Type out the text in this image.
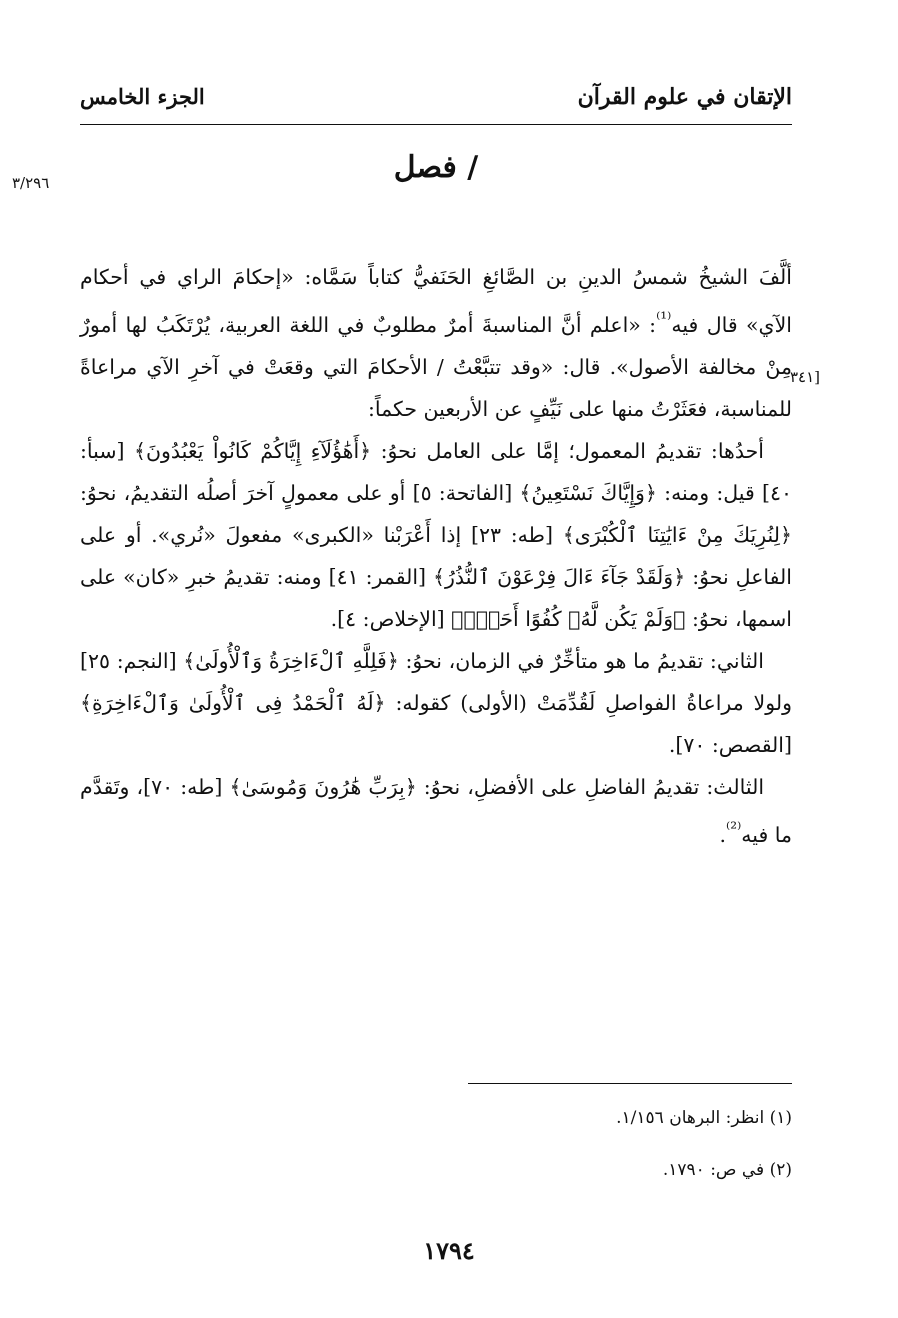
الإتقان في علوم القرآن
الجزء الخامس
٣/٢٩٦
[٣٤١
/ فصل

ألَّفَ الشيخُ شمسُ الدينِ بن الصَّائغِ الحَنَفيُّ كتاباً سَمَّاه: «إحكامَ الراي في أحكام الآي» قال فيه$^{^{(1)}}$: «اعلم أنَّ المناسبةَ أمرٌ مطلوبٌ في اللغة العربية، يُرْتَكَبُ لها أمورٌ مِنْ مخالفة الأصول». قال: «وقد تتبَّعْتُ / الأحكامَ التي وقعَتْ في آخرِ الآي مراعاةً للمناسبة، فعَثَرْتُ منها على نَيِّفٍ عن الأربعين حكماً:

أحدُها: تقديمُ المعمول؛ إمَّا على العامل نحوُ: ﴿أَهَٰؤُلَآءِ إِيَّاكُمْ كَانُواْ يَعْبُدُونَ﴾ [سبأ: ٤٠] قيل: ومنه: ﴿وَإِيَّاكَ نَسْتَعِينُ﴾ [الفاتحة: ٥] أو على معمولٍ آخرَ أصلُه التقديمُ، نحوُ: ﴿لِنُرِيَكَ مِنْ ءَايَٰتِنَا ٱلْكُبْرَى﴾ [طه: ٢٣] إذا أَعْرَبْنا «الكبرى» مفعولَ «نُري». أو على الفاعلِ نحوُ: ﴿وَلَقَدْ جَآءَ ءَالَ فِرْعَوْنَ ٱلنُّذُرُ﴾ [القمر: ٤١] ومنه: تقديمُ خبرِ «كان» على اسمها، نحوُ: ﴿وَلَمْ يَكُن لَّهُۥ كُفُوًا أَحَدٌۢ﴾ [الإخلاص: ٤].

الثاني: تقديمُ ما هو متأخِّرٌ في الزمان، نحوُ: ﴿فَلِلَّهِ ٱلْءَاخِرَةُ وَٱلْأُولَىٰ﴾ [النجم: ٢٥] ولولا مراعاةُ الفواصلِ لَقُدِّمَتْ (الأولى) كقوله: ﴿لَهُ ٱلْحَمْدُ فِى ٱلْأُولَىٰ وَٱلْءَاخِرَةِ﴾ [القصص: ٧٠].

الثالث: تقديمُ الفاضلِ على الأفضلِ، نحوُ: ﴿بِرَبِّ هَٰرُونَ وَمُوسَىٰ﴾ [طه: ٧٠]، وتَقدَّم ما فيه$^{^{(2)}}$.

(١) انظر: البرهان ١/١٥٦.
(٢) في ص: ١٧٩٠.
١٧٩٤
